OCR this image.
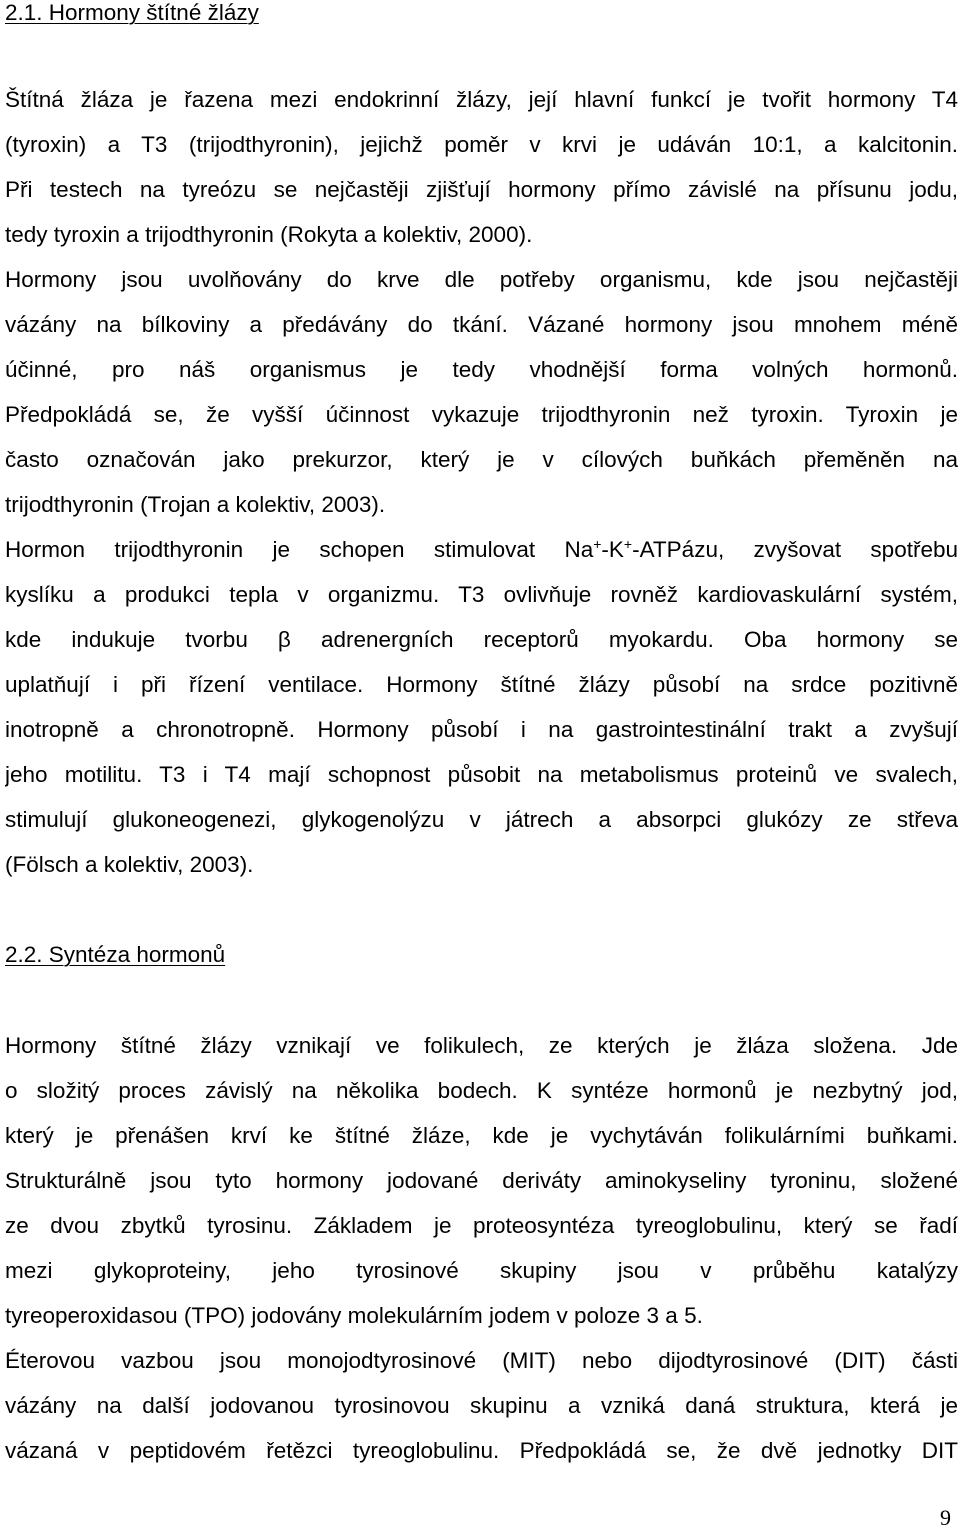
2.1. Hormony štítné žlázy
Štítná žláza je řazena mezi endokrinní žlázy, její hlavní funkcí je tvořit hormony T4
(tyroxin) a T3 (trijodthyronin), jejichž poměr v krvi je udáván 10:1, a kalcitonin.
Při testech na tyreózu se nejčastěji zjišťují hormony přímo závislé na přísunu jodu,
tedy tyroxin a trijodthyronin (Rokyta a kolektiv, 2000).
Hormony jsou uvolňovány do krve dle potřeby organismu, kde jsou nejčastěji
vázány na bílkoviny a předávány do tkání. Vázané hormony jsou mnohem méně
účinné, pro náš organismus je tedy vhodnější forma volných hormonů.
Předpokládá se, že vyšší účinnost vykazuje trijodthyronin než tyroxin. Tyroxin je
často označován jako prekurzor, který je v cílových buňkách přeměněn na
trijodthyronin (Trojan a kolektiv, 2003).
Hormon trijodthyronin je schopen stimulovat Na+-K+-ATPázu, zvyšovat spotřebu
kyslíku a produkci tepla v organizmu. T3 ovlivňuje rovněž kardiovaskulární systém,
kde indukuje tvorbu β adrenergních receptorů myokardu. Oba hormony se
uplatňují i při řízení ventilace. Hormony štítné žlázy působí na srdce pozitivně
inotropně a chronotropně. Hormony působí i na gastrointestinální trakt a zvyšují
jeho motilitu. T3 i T4 mají schopnost působit na metabolismus proteinů ve svalech,
stimulují glukoneogenezi, glykogenolýzu v játrech a absorpci glukózy ze střeva
(Fölsch a kolektiv, 2003).
2.2. Syntéza hormonů
Hormony štítné žlázy vznikají ve folikulech, ze kterých je žláza složena. Jde
o složitý proces závislý na několika bodech. K syntéze hormonů je nezbytný jod,
který je přenášen krví ke štítné žláze, kde je vychytáván folikulárními buňkami.
Strukturálně jsou tyto hormony jodované deriváty aminokyseliny tyroninu, složené
ze dvou zbytků tyrosinu. Základem je proteosyntéza tyreoglobulinu, který se řadí
mezi glykoproteiny, jeho tyrosinové skupiny jsou v průběhu katalýzy
tyreoperoxidasou (TPO) jodovány molekulárním jodem v poloze 3 a 5.
Éterovou vazbou jsou monojodtyrosinové (MIT) nebo dijodtyrosinové (DIT) části
vázány na další jodovanou tyrosinovou skupinu a vzniká daná struktura, která je
vázaná v peptidovém řetězci tyreoglobulinu. Předpokládá se, že dvě jednotky DIT
9
